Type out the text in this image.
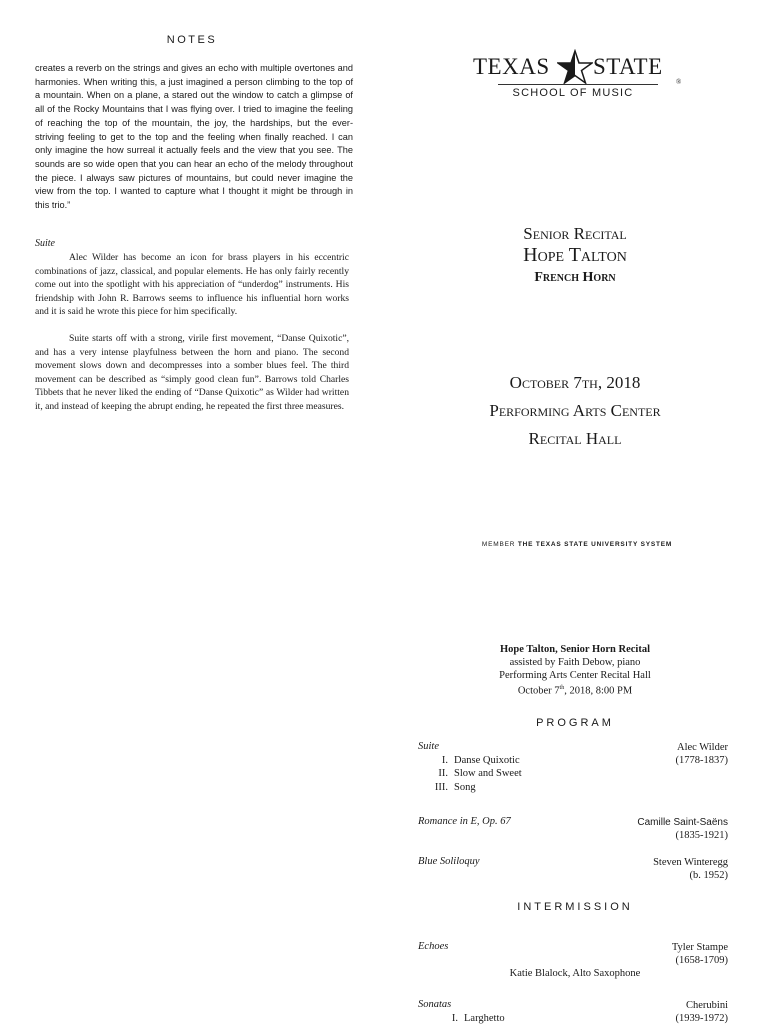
NOTES
creates a reverb on the strings and gives an echo with multiple overtones and harmonies. When writing this, a just imagined a person climbing to the top of a mountain. When on a plane, a stared out the window to catch a glimpse of all of the Rocky Mountains that I was flying over. I tried to imagine the feeling of reaching the top of the mountain, the joy, the hardships, but the ever-striving feeling to get to the top and the feeling when finally reached. I can only imagine the how surreal it actually feels and the view that you see. The sounds are so wide open that you can hear an echo of the melody throughout the piece. I always saw pictures of mountains, but could never imagine the view from the top. I wanted to capture what I thought it might be through in this trio.”
Suite

Alec Wilder has become an icon for brass players in his eccentric combinations of jazz, classical, and popular elements. He has only fairly recently come out into the spotlight with his appreciation of “underdog” instruments. His friendship with John R. Barrows seems to influence his influential horn works and it is said he wrote this piece for him specifically.

Suite starts off with a strong, virile first movement, “Danse Quixotic”, and has a very intense playfulness between the horn and piano. The second movement slows down and decompresses into a somber blues feel. The third movement can be described as “simply good clean fun”. Barrows told Charles Tibbets that he never liked the ending of “Danse Quixotic” as Wilder had written it, and instead of keeping the abrupt ending, he repeated the first three measures.

TEXAS STATE
®
SCHOOL OF MUSIC
Senior Recital
Hope Talton
French Horn
October 7th, 2018
Performing Arts Center
Recital Hall
MEMBER THE TEXAS STATE UNIVERSITY SYSTEM
Hope Talton, Senior Horn Recital
assisted by Faith Debow, piano
Performing Arts Center Recital Hall
October 7th, 2018, 8:00 PM
PROGRAM
Suite	Alec Wilder
(1778-1837)
I. Danse Quixotic
II. Slow and Sweet
III. Song
Romance in E, Op. 67	Camille Saint-Saëns
(1835-1921)
Blue Soliloquy	Steven Winteregg
(b. 1952)
INTERMISSION
Echoes	Tyler Stampe
(1658-1709)
Katie Blalock, Alto Saxophone
Sonatas	Cherubini
(1939-1972)
I. Larghetto
